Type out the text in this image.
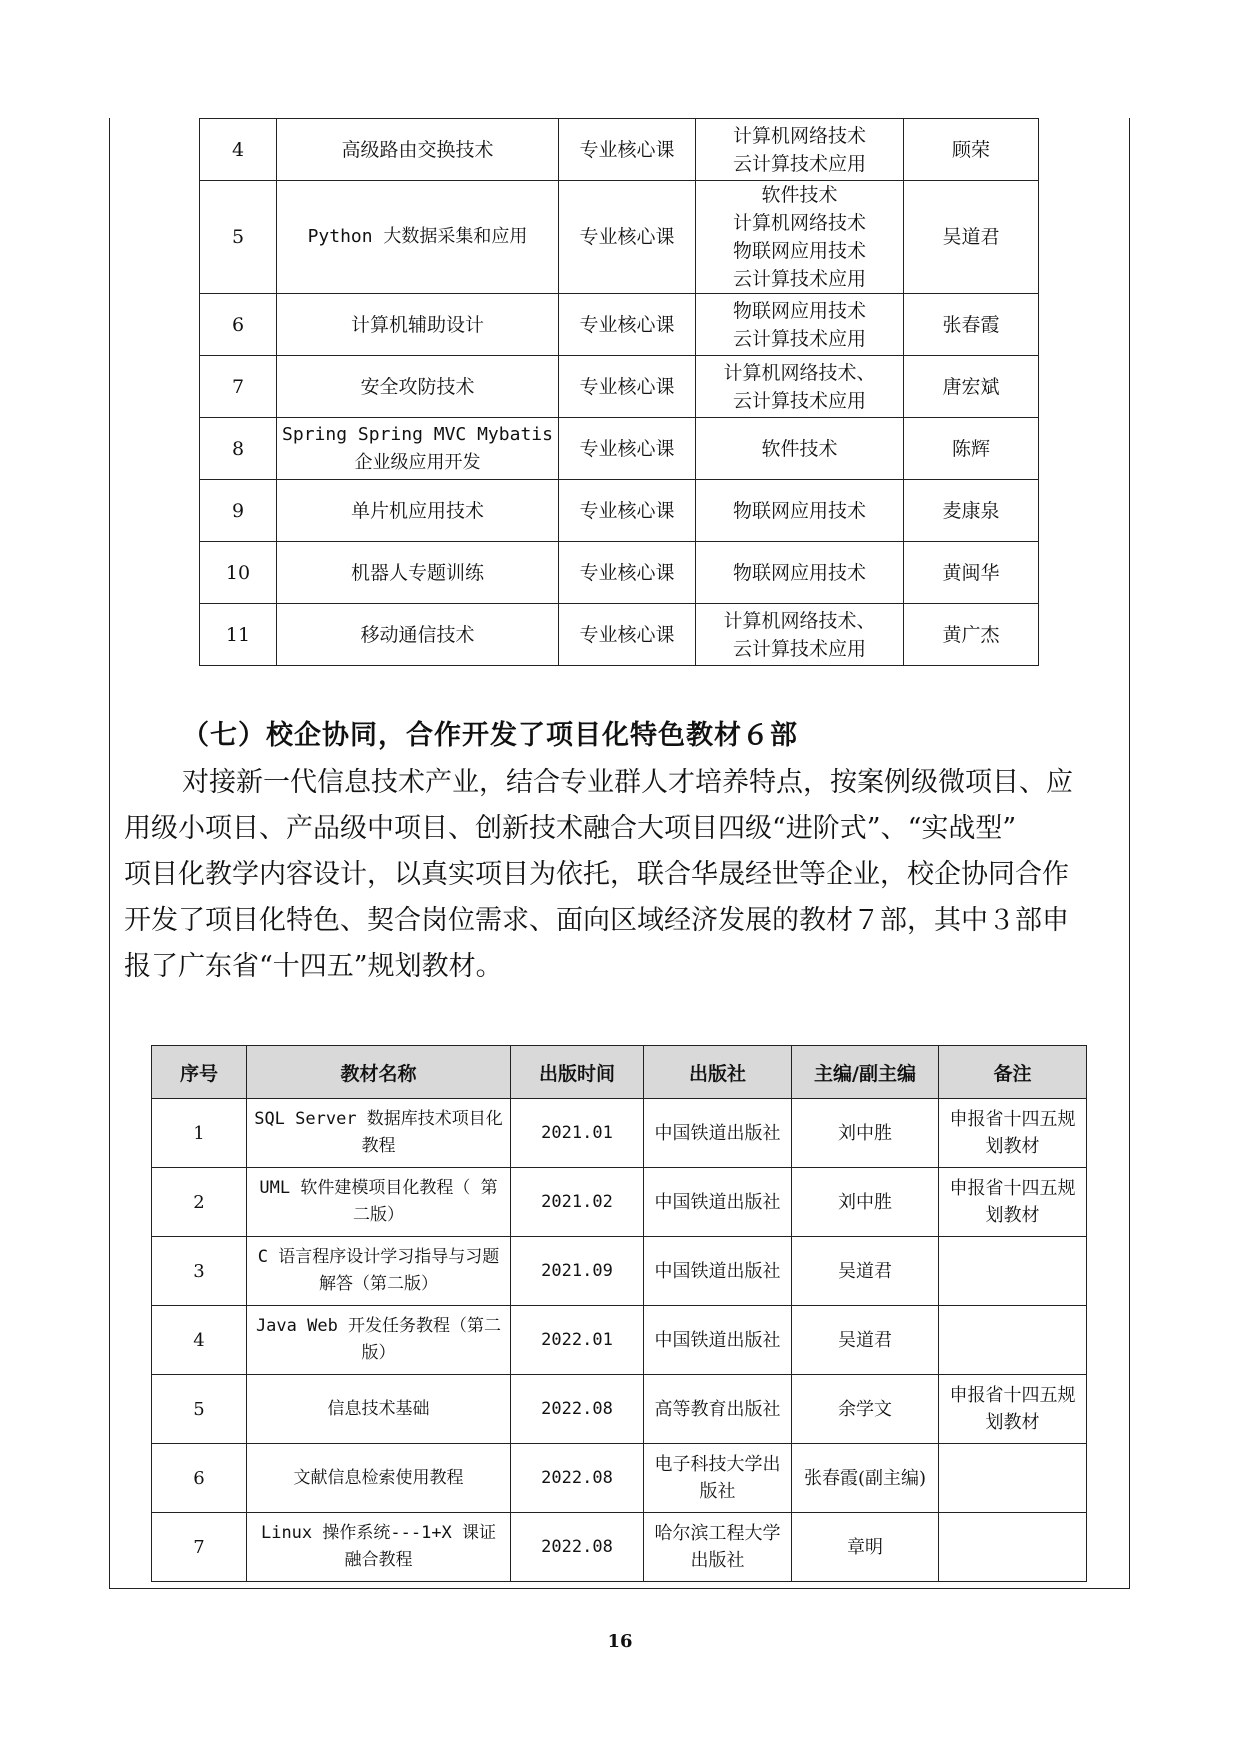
4	高级路由交换技术	专业核心课	计算机网络技术
云计算技术应用	顾荣
5	Python 大数据采集和应用	专业核心课	软件技术
计算机网络技术
物联网应用技术
云计算技术应用	吴道君
6	计算机辅助设计	专业核心课	物联网应用技术
云计算技术应用	张春霞
7	安全攻防技术	专业核心课	计算机网络技术、
云计算技术应用	唐宏斌
8	Spring Spring MVC Mybatis 企业级应用开发	专业核心课	软件技术	陈辉
9	单片机应用技术	专业核心课	物联网应用技术	麦康泉
10	机器人专题训练	专业核心课	物联网应用技术	黄闽华
11	移动通信技术	专业核心课	计算机网络技术、
云计算技术应用	黄广杰
（七）校企协同，合作开发了项目化特色教材６部
对接新一代信息技术产业，结合专业群人才培养特点，按案例级微项目、应
用级小项目、产品级中项目、创新技术融合大项目四级“进阶式”、“实战型”
项目化教学内容设计，以真实项目为依托，联合华晟经世等企业，校企协同合作
开发了项目化特色、契合岗位需求、面向区域经济发展的教材７部，其中３部申
报了广东省“十四五”规划教材。
序号	教材名称	出版时间	出版社	主编/副主编	备注
1	SQL Server 数据库技术项目化教程	2021.01	中国铁道出版社	刘中胜	申报省十四五规划教材
2	UML 软件建模项目化教程（ 第二版）	2021.02	中国铁道出版社	刘中胜	申报省十四五规划教材
3	C 语言程序设计学习指导与习题解答（第二版）	2021.09	中国铁道出版社	吴道君	
4	Java Web 开发任务教程（第二版）	2022.01	中国铁道出版社	吴道君	
5	信息技术基础	2022.08	高等教育出版社	余学文	申报省十四五规划教材
6	文献信息检索使用教程	2022.08	电子科技大学出版社	张春霞(副主编)	
7	Linux 操作系统---1+X 课证融合教程	2022.08	哈尔滨工程大学出版社	章明	
16
